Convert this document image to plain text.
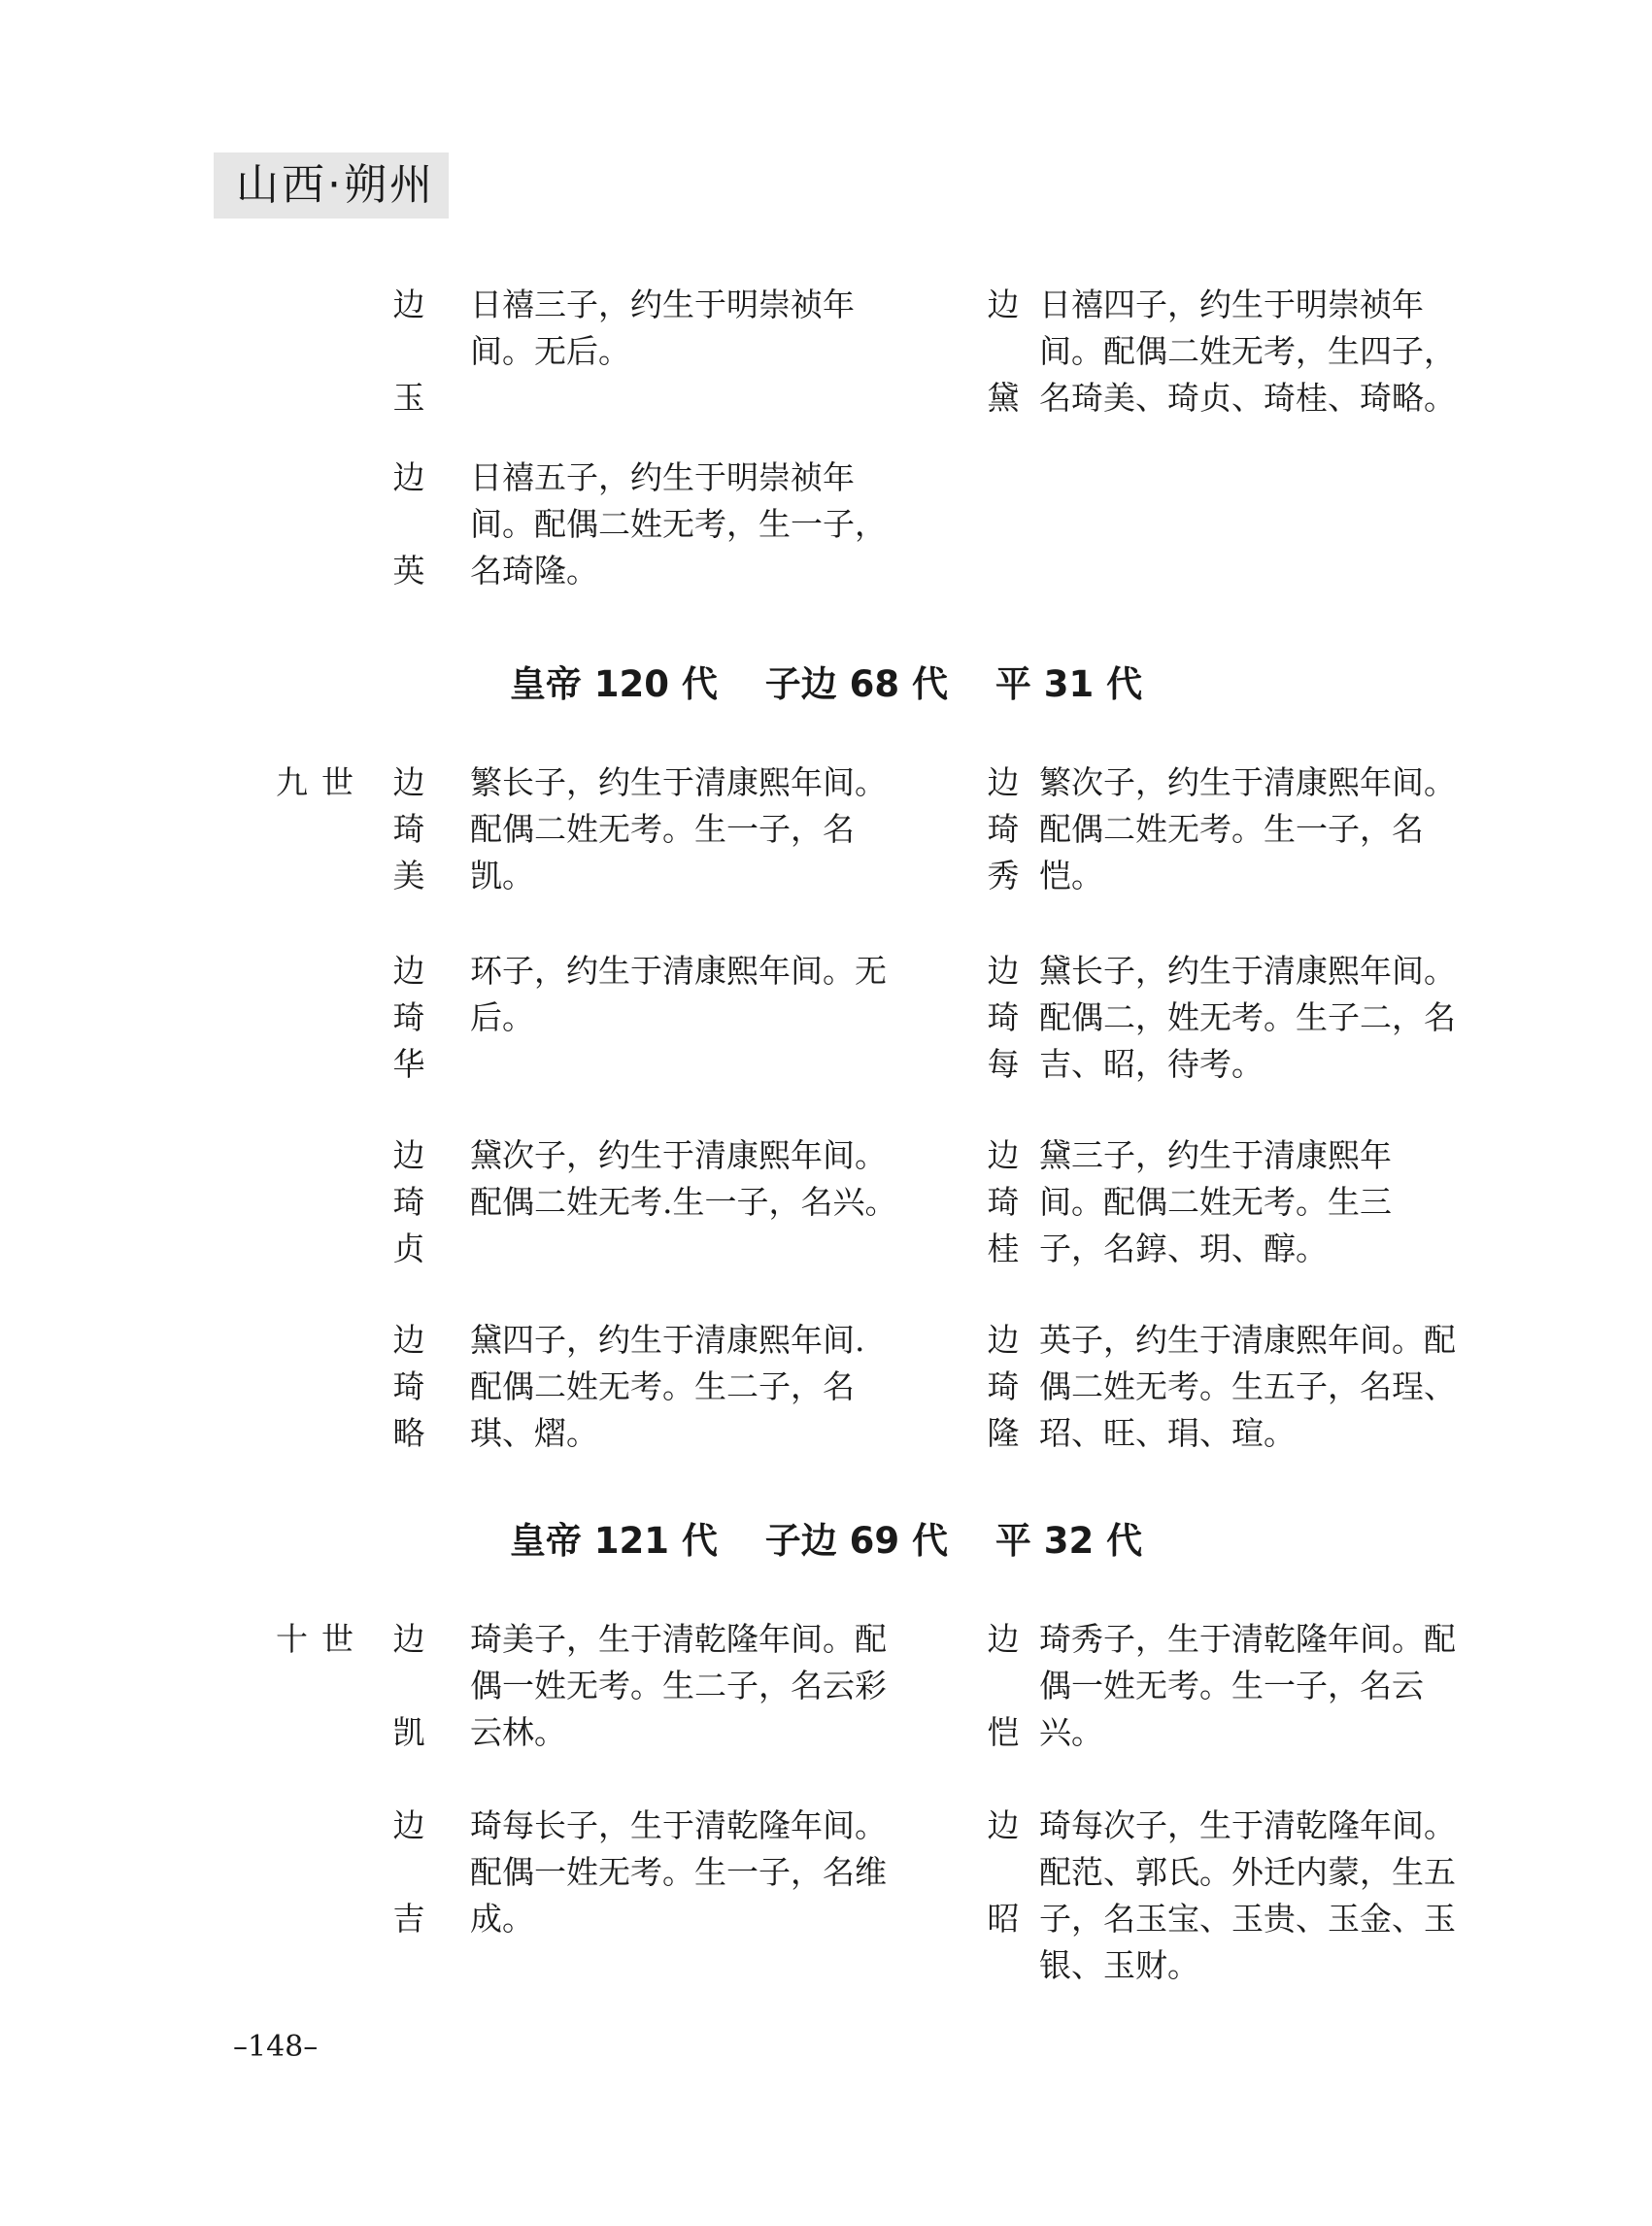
山西·朔州
边
玉
日禧三子，约生于明崇祯年
间。无后。
边
黛
日禧四子，约生于明崇祯年
间。配偶二姓无考，生四子，
名琦美、琦贞、琦桂、琦略。
边
英
日禧五子，约生于明崇祯年
间。配偶二姓无考，生一子，
名琦隆。
皇帝 120 代 子边 68 代 平 31 代
九世 边
琦
美
繁长子，约生于清康熙年间。
配偶二姓无考。生一子，名
凯。
边
琦
秀
繁次子，约生于清康熙年间。
配偶二姓无考。生一子，名
恺。
边
琦
华
环子，约生于清康熙年间。无
后。
边
琦
每
黛长子，约生于清康熙年间。
配偶二，姓无考。生子二，名
吉、昭，待考。
边
琦
贞
黛次子，约生于清康熙年间。
配偶二姓无考.生一子，名兴。
边
琦
桂
黛三子，约生于清康熙年
间。配偶二姓无考。生三
子，名錞、玥、醇。
边
琦
略
黛四子，约生于清康熙年间.
配偶二姓无考。生二子，名
琪、熠。
边
琦
隆
英子，约生于清康熙年间。配
偶二姓无考。生五子，名珵、
玿、旺、琄、瑄。
皇帝 121 代 子边 69 代 平 32 代
十世 边
凯
琦美子，生于清乾隆年间。配
偶一姓无考。生二子，名云彩
云林。
边
恺
琦秀子，生于清乾隆年间。配
偶一姓无考。生一子，名云
兴。
边
吉
琦每长子，生于清乾隆年间。
配偶一姓无考。生一子，名维
成。
边
昭
琦每次子，生于清乾隆年间。
配范、郭氏。外迁内蒙，生五
子，名玉宝、玉贵、玉金、玉
银、玉财。
–148–
